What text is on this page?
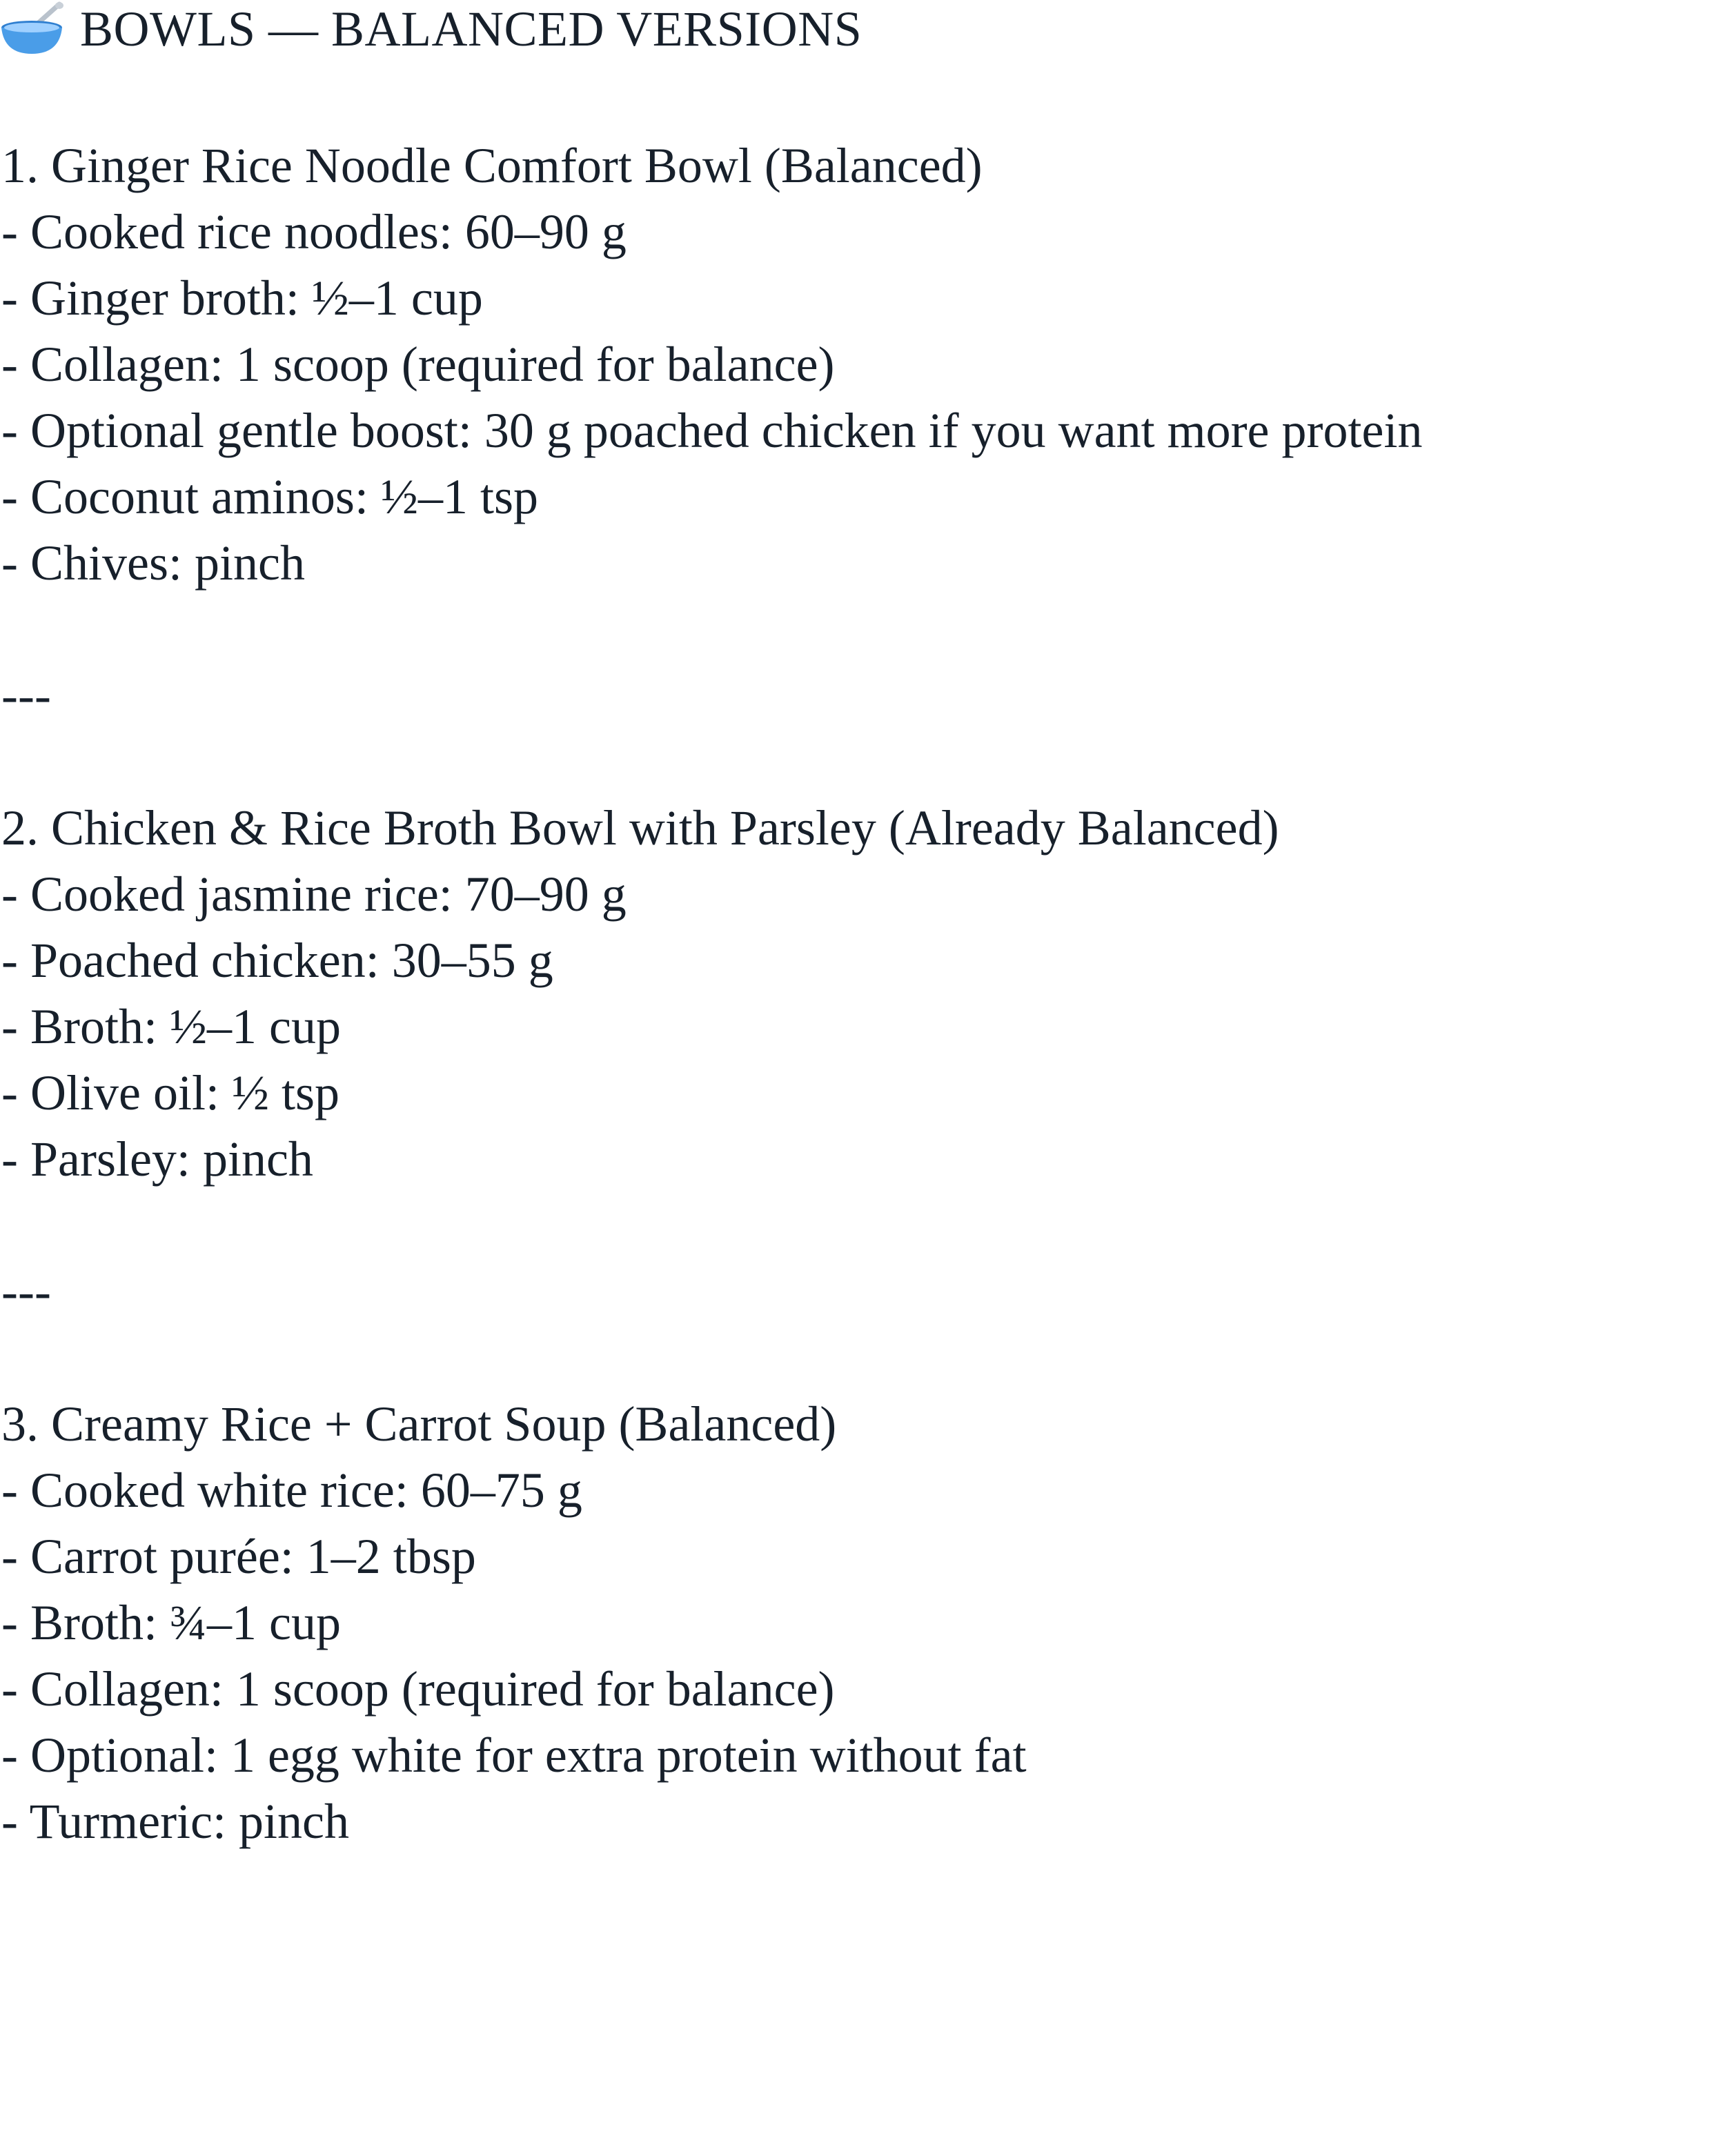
BOWLS — BALANCED VERSIONS
1. Ginger Rice Noodle Comfort Bowl (Balanced)
- Cooked rice noodles: 60–90 g
- Ginger broth: ½–1 cup
- Collagen: 1 scoop (required for balance)
- Optional gentle boost: 30 g poached chicken if you want more protein
- Coconut aminos: ½–1 tsp
- Chives: pinch
---
2. Chicken & Rice Broth Bowl with Parsley (Already Balanced)
- Cooked jasmine rice: 70–90 g
- Poached chicken: 30–55 g
- Broth: ½–1 cup
- Olive oil: ½ tsp
- Parsley: pinch
---
3. Creamy Rice + Carrot Soup (Balanced)
- Cooked white rice: 60–75 g
- Carrot purée: 1–2 tbsp
- Broth: ¾–1 cup
- Collagen: 1 scoop (required for balance)
- Optional: 1 egg white for extra protein without fat
- Turmeric: pinch
